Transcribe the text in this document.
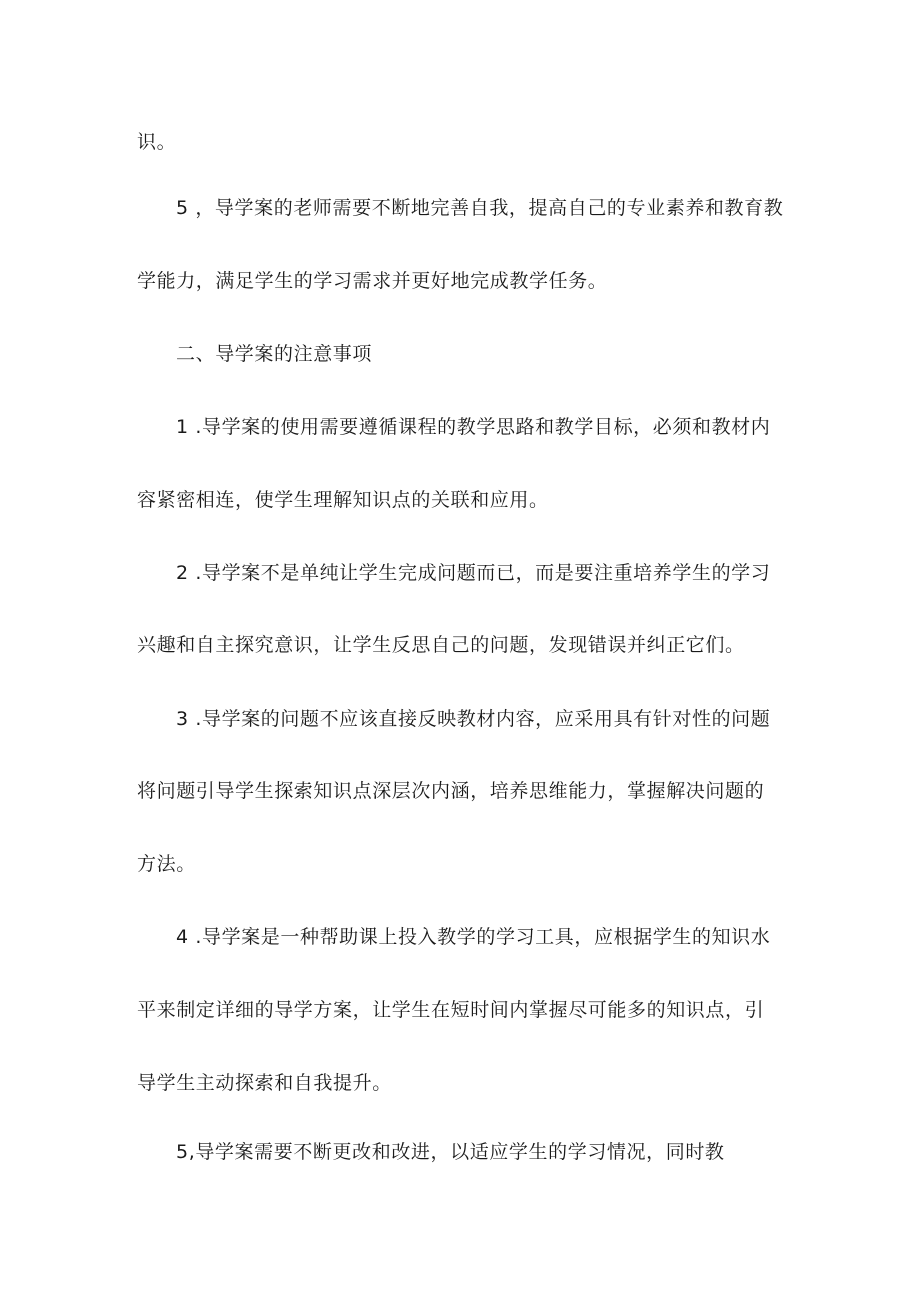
识。
5 ，导学案的老师需要不断地完善自我，提高自己的专业素养和教育教
学能力，满足学生的学习需求并更好地完成教学任务。
二、导学案的注意事项
1 .导学案的使用需要遵循课程的教学思路和教学目标，必须和教材内
容紧密相连，使学生理解知识点的关联和应用。
2 .导学案不是单纯让学生完成问题而已，而是要注重培养学生的学习
兴趣和自主探究意识，让学生反思自己的问题，发现错误并纠正它们。
3 .导学案的问题不应该直接反映教材内容，应采用具有针对性的问题
将问题引导学生探索知识点深层次内涵，培养思维能力，掌握解决问题的
方法。
4 .导学案是一种帮助课上投入教学的学习工具，应根据学生的知识水
平来制定详细的导学方案，让学生在短时间内掌握尽可能多的知识点，引
导学生主动探索和自我提升。
5,导学案需要不断更改和改进，以适应学生的学习情况，同时教
